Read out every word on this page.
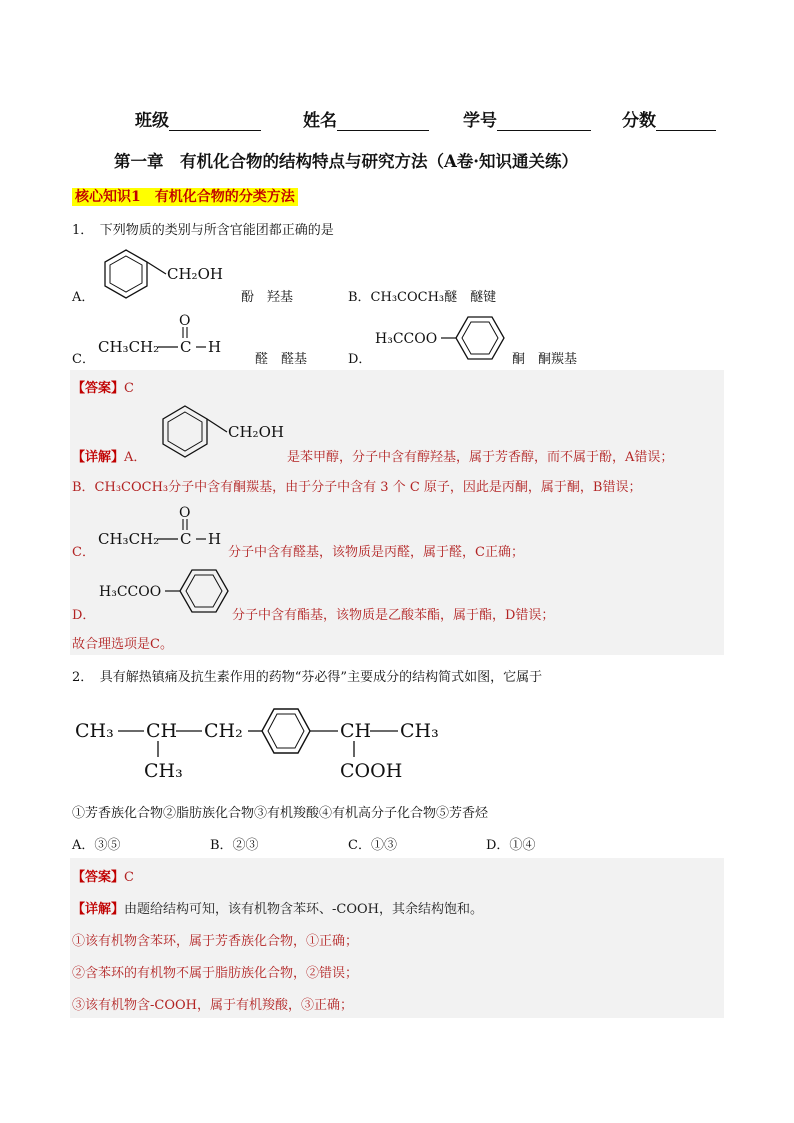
班级	姓名	学号	分数
第一章　有机化合物的结构特点与研究方法（A卷·知识通关练）
核心知识1　有机化合物的分类方法
1．　下列物质的类别与所含官能团都正确的是
A．
CH₂OH
酚　羟基	B．CH₃COCH₃醚　醚键
C．
CH₃CH₂ C H
O
醛　醛基	D．
H₃CCOO
酮　酮羰基
【答案】C
【详解】A．
CH₂OH
是苯甲醇，分子中含有醇羟基，属于芳香醇，而不属于酚，A错误；
B．CH₃COCH₃分子中含有酮羰基，由于分子中含有 3 个 C 原子，因此是丙酮，属于酮，B错误；
C．
CH₃CH₂ C H
O
分子中含有醛基，该物质是丙醛，属于醛，C正确；
D．
H₃CCOO
分子中含有酯基，该物质是乙酸苯酯，属于酯，D错误；
故合理选项是C。
2．　具有解热镇痛及抗生素作用的药物“芬必得”主要成分的结构简式如图，它属于
CH₃ CH
CH₃
CH₂	CH CH₃
COOH
①芳香族化合物②脂肪族化合物③有机羧酸④有机高分子化合物⑤芳香烃
A．③⑤	B．②③	C．①③	D．①④
【答案】C
【详解】由题给结构可知，该有机物含苯环、-COOH，其余结构饱和。
①该有机物含苯环，属于芳香族化合物，①正确；
②含苯环的有机物不属于脂肪族化合物，②错误；
③该有机物含-COOH，属于有机羧酸，③正确；
